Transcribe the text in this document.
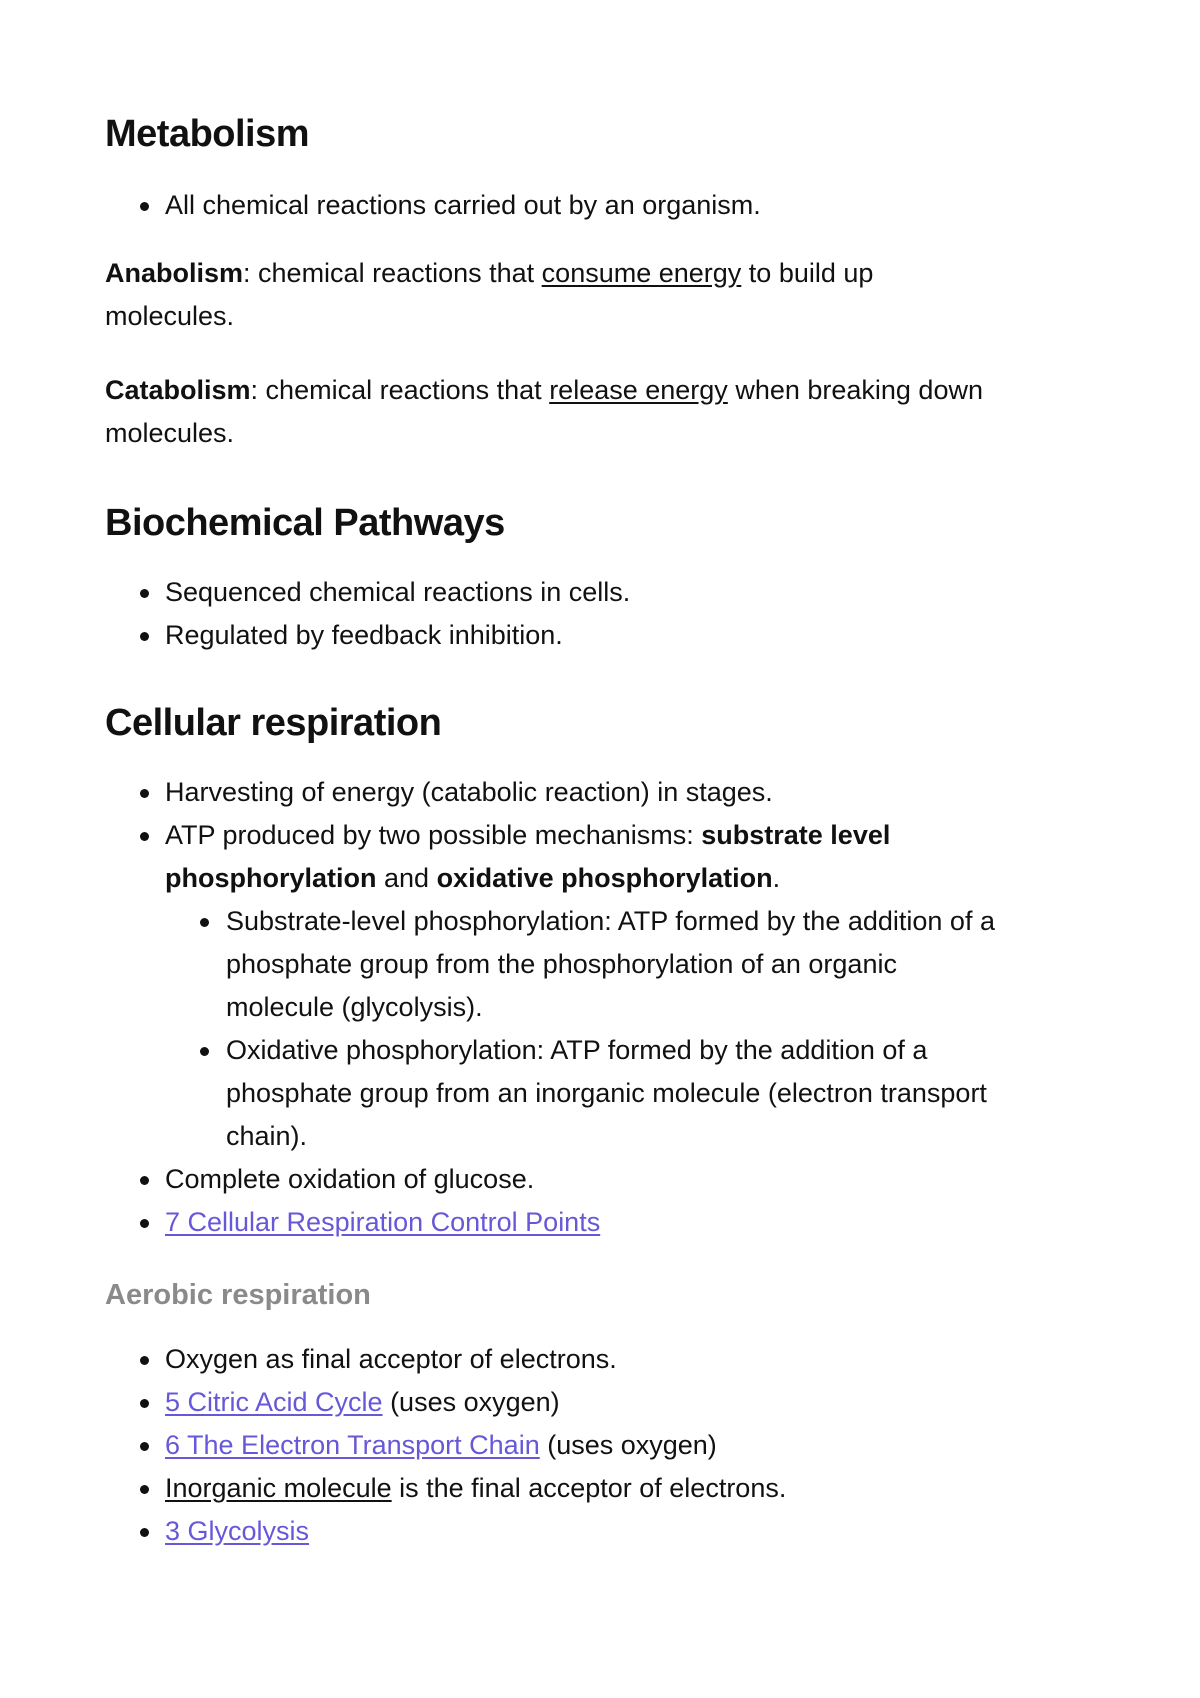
Metabolism
All chemical reactions carried out by an organism.

Anabolism: chemical reactions that consume energy to build up molecules.

Catabolism: chemical reactions that release energy when breaking down molecules.

Biochemical Pathways
Sequenced chemical reactions in cells.
Regulated by feedback inhibition.
Cellular respiration
Harvesting of energy (catabolic reaction) in stages.
ATP produced by two possible mechanisms: substrate level phosphorylation and oxidative phosphorylation.
Substrate-level phosphorylation: ATP formed by the addition of a phosphate group from the phosphorylation of an organic molecule (glycolysis).
Oxidative phosphorylation: ATP formed by the addition of a phosphate group from an inorganic molecule (electron transport chain).
Complete oxidation of glucose.
7 Cellular Respiration Control Points
Aerobic respiration
Oxygen as final acceptor of electrons.
5 Citric Acid Cycle (uses oxygen)
6 The Electron Transport Chain (uses oxygen)
Inorganic molecule is the final acceptor of electrons.
3 Glycolysis
